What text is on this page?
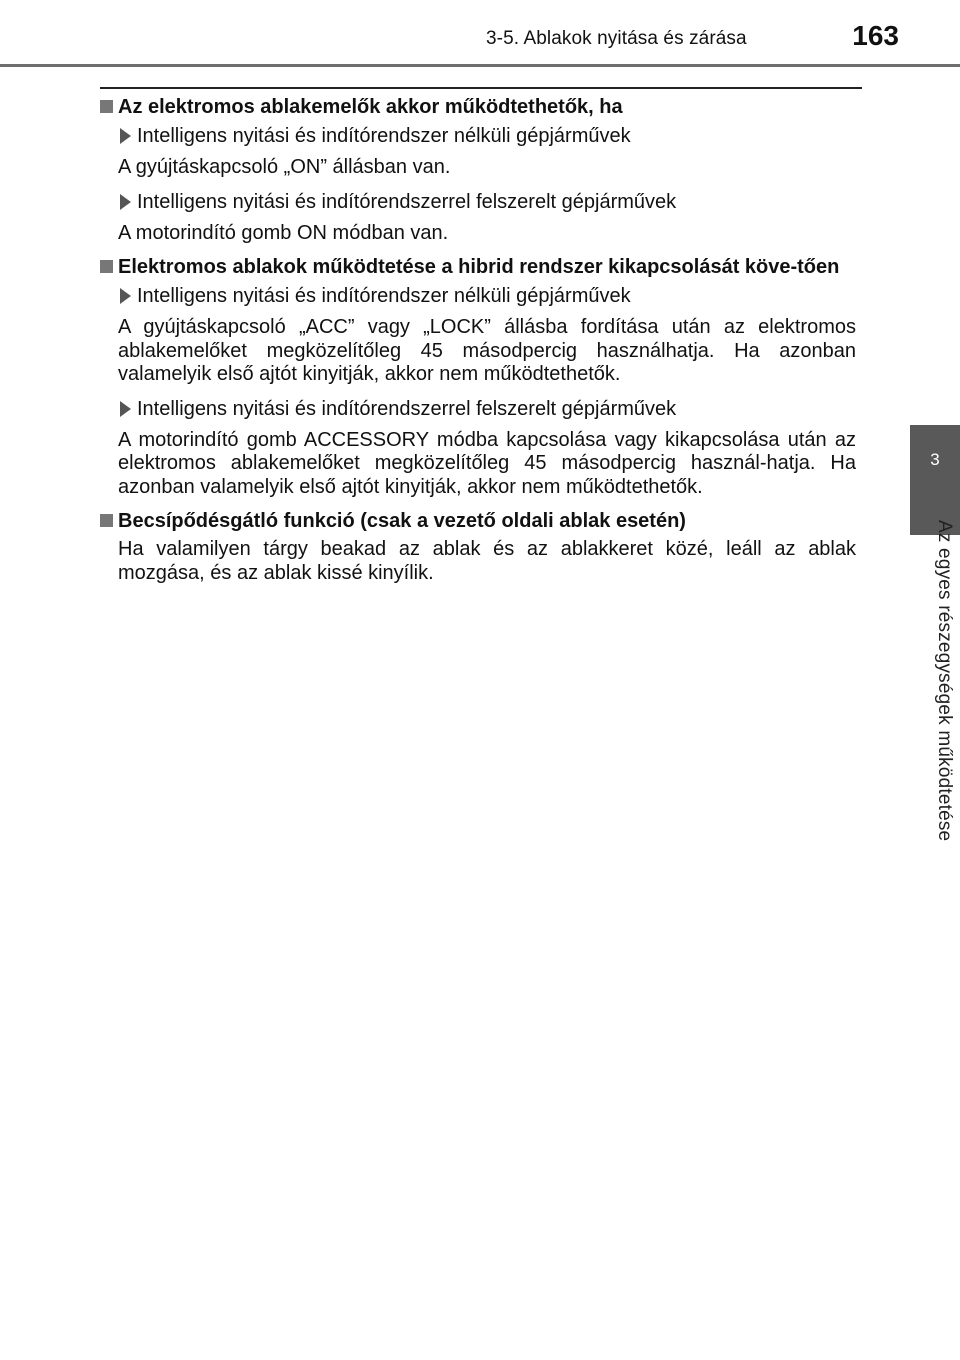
3-5. Ablakok nyitása és zárása	163
3
Az egyes részegységek működtetése
Az elektromos ablakemelők akkor működtethetők, ha
Intelligens nyitási és indítórendszer nélküli gépjárművek
A gyújtáskapcsoló „ON” állásban van.
Intelligens nyitási és indítórendszerrel felszerelt gépjárművek
A motorindító gomb ON módban van.
Elektromos ablakok működtetése a hibrid rendszer kikapcsolását köve-tően
Intelligens nyitási és indítórendszer nélküli gépjárművek
A gyújtáskapcsoló „ACC” vagy „LOCK” állásba fordítása után az elektromos ablakemelőket megközelítőleg 45 másodpercig használhatja. Ha azonban valamelyik első ajtót kinyitják, akkor nem működtethetők.
Intelligens nyitási és indítórendszerrel felszerelt gépjárművek
A motorindító gomb ACCESSORY módba kapcsolása vagy kikapcsolása után az elektromos ablakemelőket megközelítőleg 45 másodpercig használ-hatja. Ha azonban valamelyik első ajtót kinyitják, akkor nem működtethetők.
Becsípődésgátló funkció (csak a vezető oldali ablak esetén)
Ha valamilyen tárgy beakad az ablak és az ablakkeret közé, leáll az ablak mozgása, és az ablak kissé kinyílik.
